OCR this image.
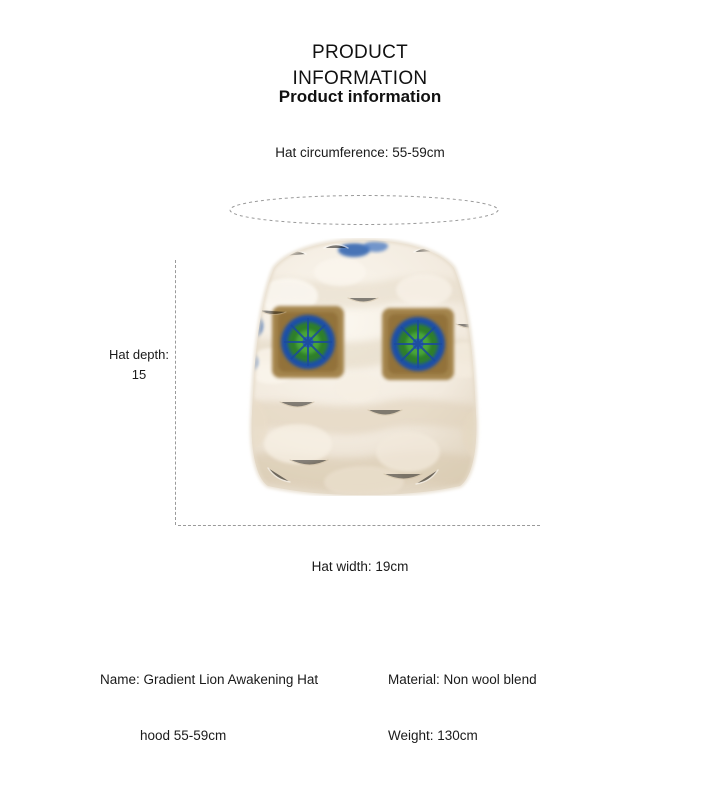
PRODUCT INFORMATION
Product information
Hat circumference: 55-59cm
Hat depth: 15
Hat width: 19cm
Name: Gradient Lion Awakening Hat	Material: Non wool blend
hood 55-59cm	Weight: 130cm
